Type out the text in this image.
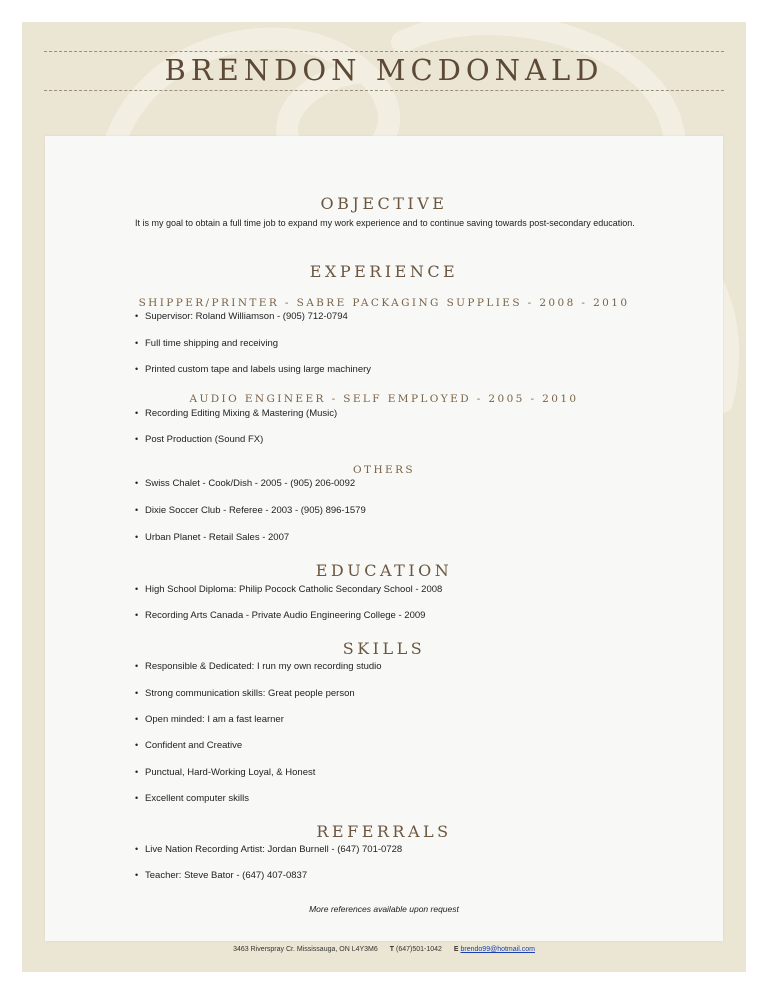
BRENDON MCDONALD
OBJECTIVE

It is my goal to obtain a full time job to expand my work experience and to continue saving towards post-secondary education.

EXPERIENCE
SHIPPER/PRINTER - SABRE PACKAGING SUPPLIES - 2008 - 2010

• Supervisor: Roland Williamson - (905) 712-0794

• Full time shipping and receiving

• Printed custom tape and labels using large machinery

AUDIO ENGINEER - SELF EMPLOYED - 2005 - 2010

• Recording Editing Mixing & Mastering (Music)

• Post Production (Sound FX)

OTHERS

• Swiss Chalet - Cook/Dish - 2005 - (905) 206-0092

• Dixie Soccer Club - Referee - 2003 - (905) 896-1579

• Urban Planet - Retail Sales - 2007

EDUCATION

• High School Diploma: Philip Pocock Catholic Secondary School - 2008

• Recording Arts Canada - Private Audio Engineering College - 2009

SKILLS

• Responsible & Dedicated: I run my own recording studio

• Strong communication skills: Great people person

• Open minded: I am a fast learner

• Confident and Creative

• Punctual, Hard-Working Loyal, & Honest

• Excellent computer skills

REFERRALS

• Live Nation Recording Artist: Jordan Burnell - (647) 701-0728

• Teacher: Steve Bator - (647) 407-0837

More references available upon request

3463 Riverspray Cr. Mississauga, ON L4Y3M6 T (647)501-1042 E brendo99@hotmail.com
